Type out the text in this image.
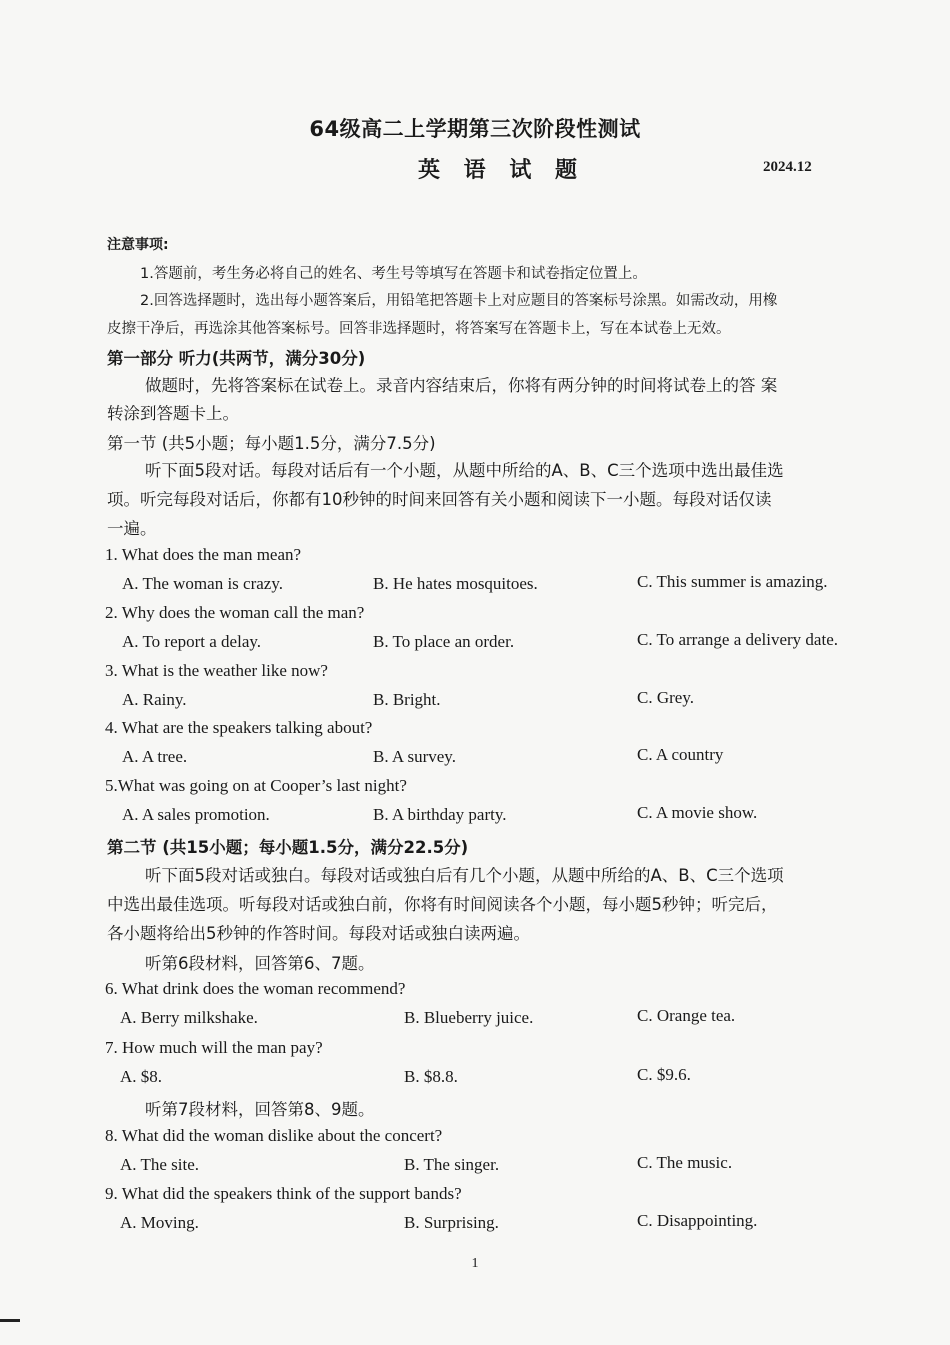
64级高二上学期第三次阶段性测试
英 语 试 题	2024.12
注意事项:
1.答题前，考生务必将自己的姓名、考生号等填写在答题卡和试卷指定位置上。
2.回答选择题时，选出每小题答案后，用铅笔把答题卡上对应题目的答案标号涂黑。如需改动，用橡
皮擦干净后，再选涂其他答案标号。回答非选择题时，将答案写在答题卡上，写在本试卷上无效。
第一部分 听力(共两节，满分30分)
做题时，先将答案标在试卷上。录音内容结束后，你将有两分钟的时间将试卷上的答 案
转涂到答题卡上。
第一节 (共5小题；每小题1.5分，满分7.5分)
听下面5段对话。每段对话后有一个小题，从题中所给的A、B、C三个选项中选出最佳选
项。听完每段对话后，你都有10秒钟的时间来回答有关小题和阅读下一小题。每段对话仅读
一遍。
1. What does the man mean?
A. The woman is crazy.	B. He hates mosquitoes.	C. This summer is amazing.
2. Why does the woman call the man?
A. To report a delay.	B. To place an order.	C. To arrange a delivery date.
3. What is the weather like now?
A. Rainy.	B. Bright.	C. Grey.
4. What are the speakers talking about?
A. A tree.	B. A survey.	C. A country
5.What was going on at Cooper’s last night?
A. A sales promotion.	B. A birthday party.	C. A movie show.
第二节 (共15小题；每小题1.5分，满分22.5分)
听下面5段对话或独白。每段对话或独白后有几个小题，从题中所给的A、B、C三个选项
中选出最佳选项。听每段对话或独白前，你将有时间阅读各个小题，每小题5秒钟；听完后，
各小题将给出5秒钟的作答时间。每段对话或独白读两遍。
听第6段材料，回答第6、7题。
6. What drink does the woman recommend?
A. Berry milkshake.	B. Blueberry juice.	C. Orange tea.
7. How much will the man pay?
A. $8.	B. $8.8.	C. $9.6.
听第7段材料，回答第8、9题。
8. What did the woman dislike about the concert?
A. The site.	B. The singer.	C. The music.
9. What did the speakers think of the support bands?
A. Moving.	B. Surprising.	C. Disappointing.
1
